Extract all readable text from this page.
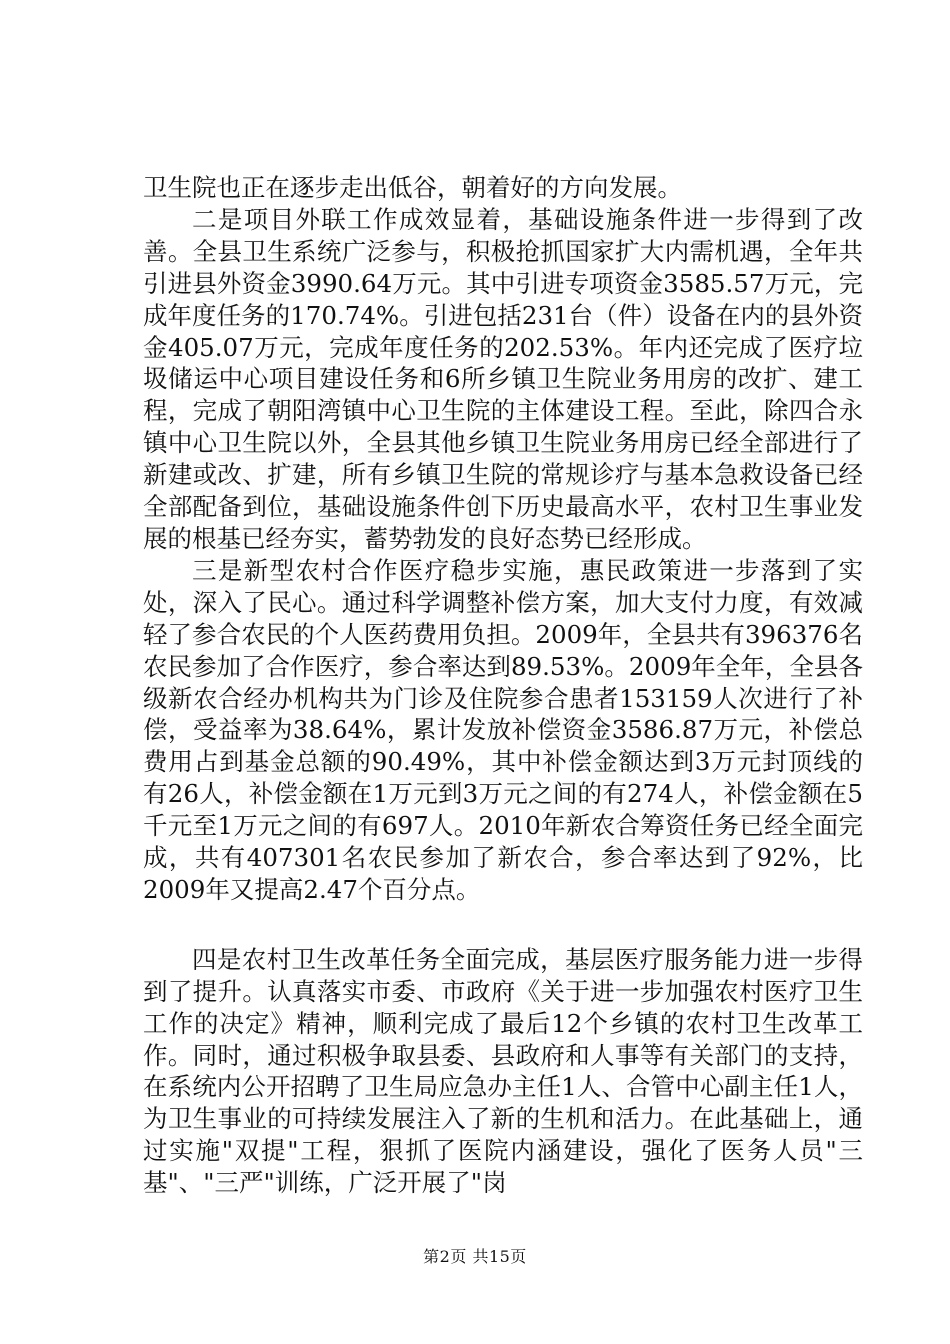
卫生院也正在逐步走出低谷，朝着好的方向发展。

二是项目外联工作成效显着，基础设施条件进一步得到了改善。全县卫生系统广泛参与，积极抢抓国家扩大内需机遇，全年共引进县外资金3990.64万元。其中引进专项资金3585.57万元，完成年度任务的170.74%。引进包括231台（件）设备在内的县外资金405.07万元，完成年度任务的202.53%。年内还完成了医疗垃圾储运中心项目建设任务和6所乡镇卫生院业务用房的改扩、建工程，完成了朝阳湾镇中心卫生院的主体建设工程。至此，除四合永镇中心卫生院以外，全县其他乡镇卫生院业务用房已经全部进行了新建或改、扩建，所有乡镇卫生院的常规诊疗与基本急救设备已经全部配备到位，基础设施条件创下历史最高水平，农村卫生事业发展的根基已经夯实，蓄势勃发的良好态势已经形成。

三是新型农村合作医疗稳步实施，惠民政策进一步落到了实处，深入了民心。通过科学调整补偿方案，加大支付力度，有效减轻了参合农民的个人医药费用负担。2009年，全县共有396376名农民参加了合作医疗，参合率达到89.53%。2009年全年，全县各级新农合经办机构共为门诊及住院参合患者153159人次进行了补偿，受益率为38.64%，累计发放补偿资金3586.87万元，补偿总费用占到基金总额的90.49%，其中补偿金额达到3万元封顶线的有26人，补偿金额在1万元到3万元之间的有274人，补偿金额在5千元至1万元之间的有697人。2010年新农合筹资任务已经全面完成，共有407301名农民参加了新农合，参合率达到了92%，比2009年又提高2.47个百分点。

四是农村卫生改革任务全面完成，基层医疗服务能力进一步得到了提升。认真落实市委、市政府《关于进一步加强农村医疗卫生工作的决定》精神，顺利完成了最后12个乡镇的农村卫生改革工作。同时，通过积极争取县委、县政府和人事等有关部门的支持，在系统内公开招聘了卫生局应急办主任1人、合管中心副主任1人，为卫生事业的可持续发展注入了新的生机和活力。在此基础上，通过实施"双提"工程，狠抓了医院内涵建设，强化了医务人员"三基"、"三严"训练，广泛开展了"岗

第2页 共15页
